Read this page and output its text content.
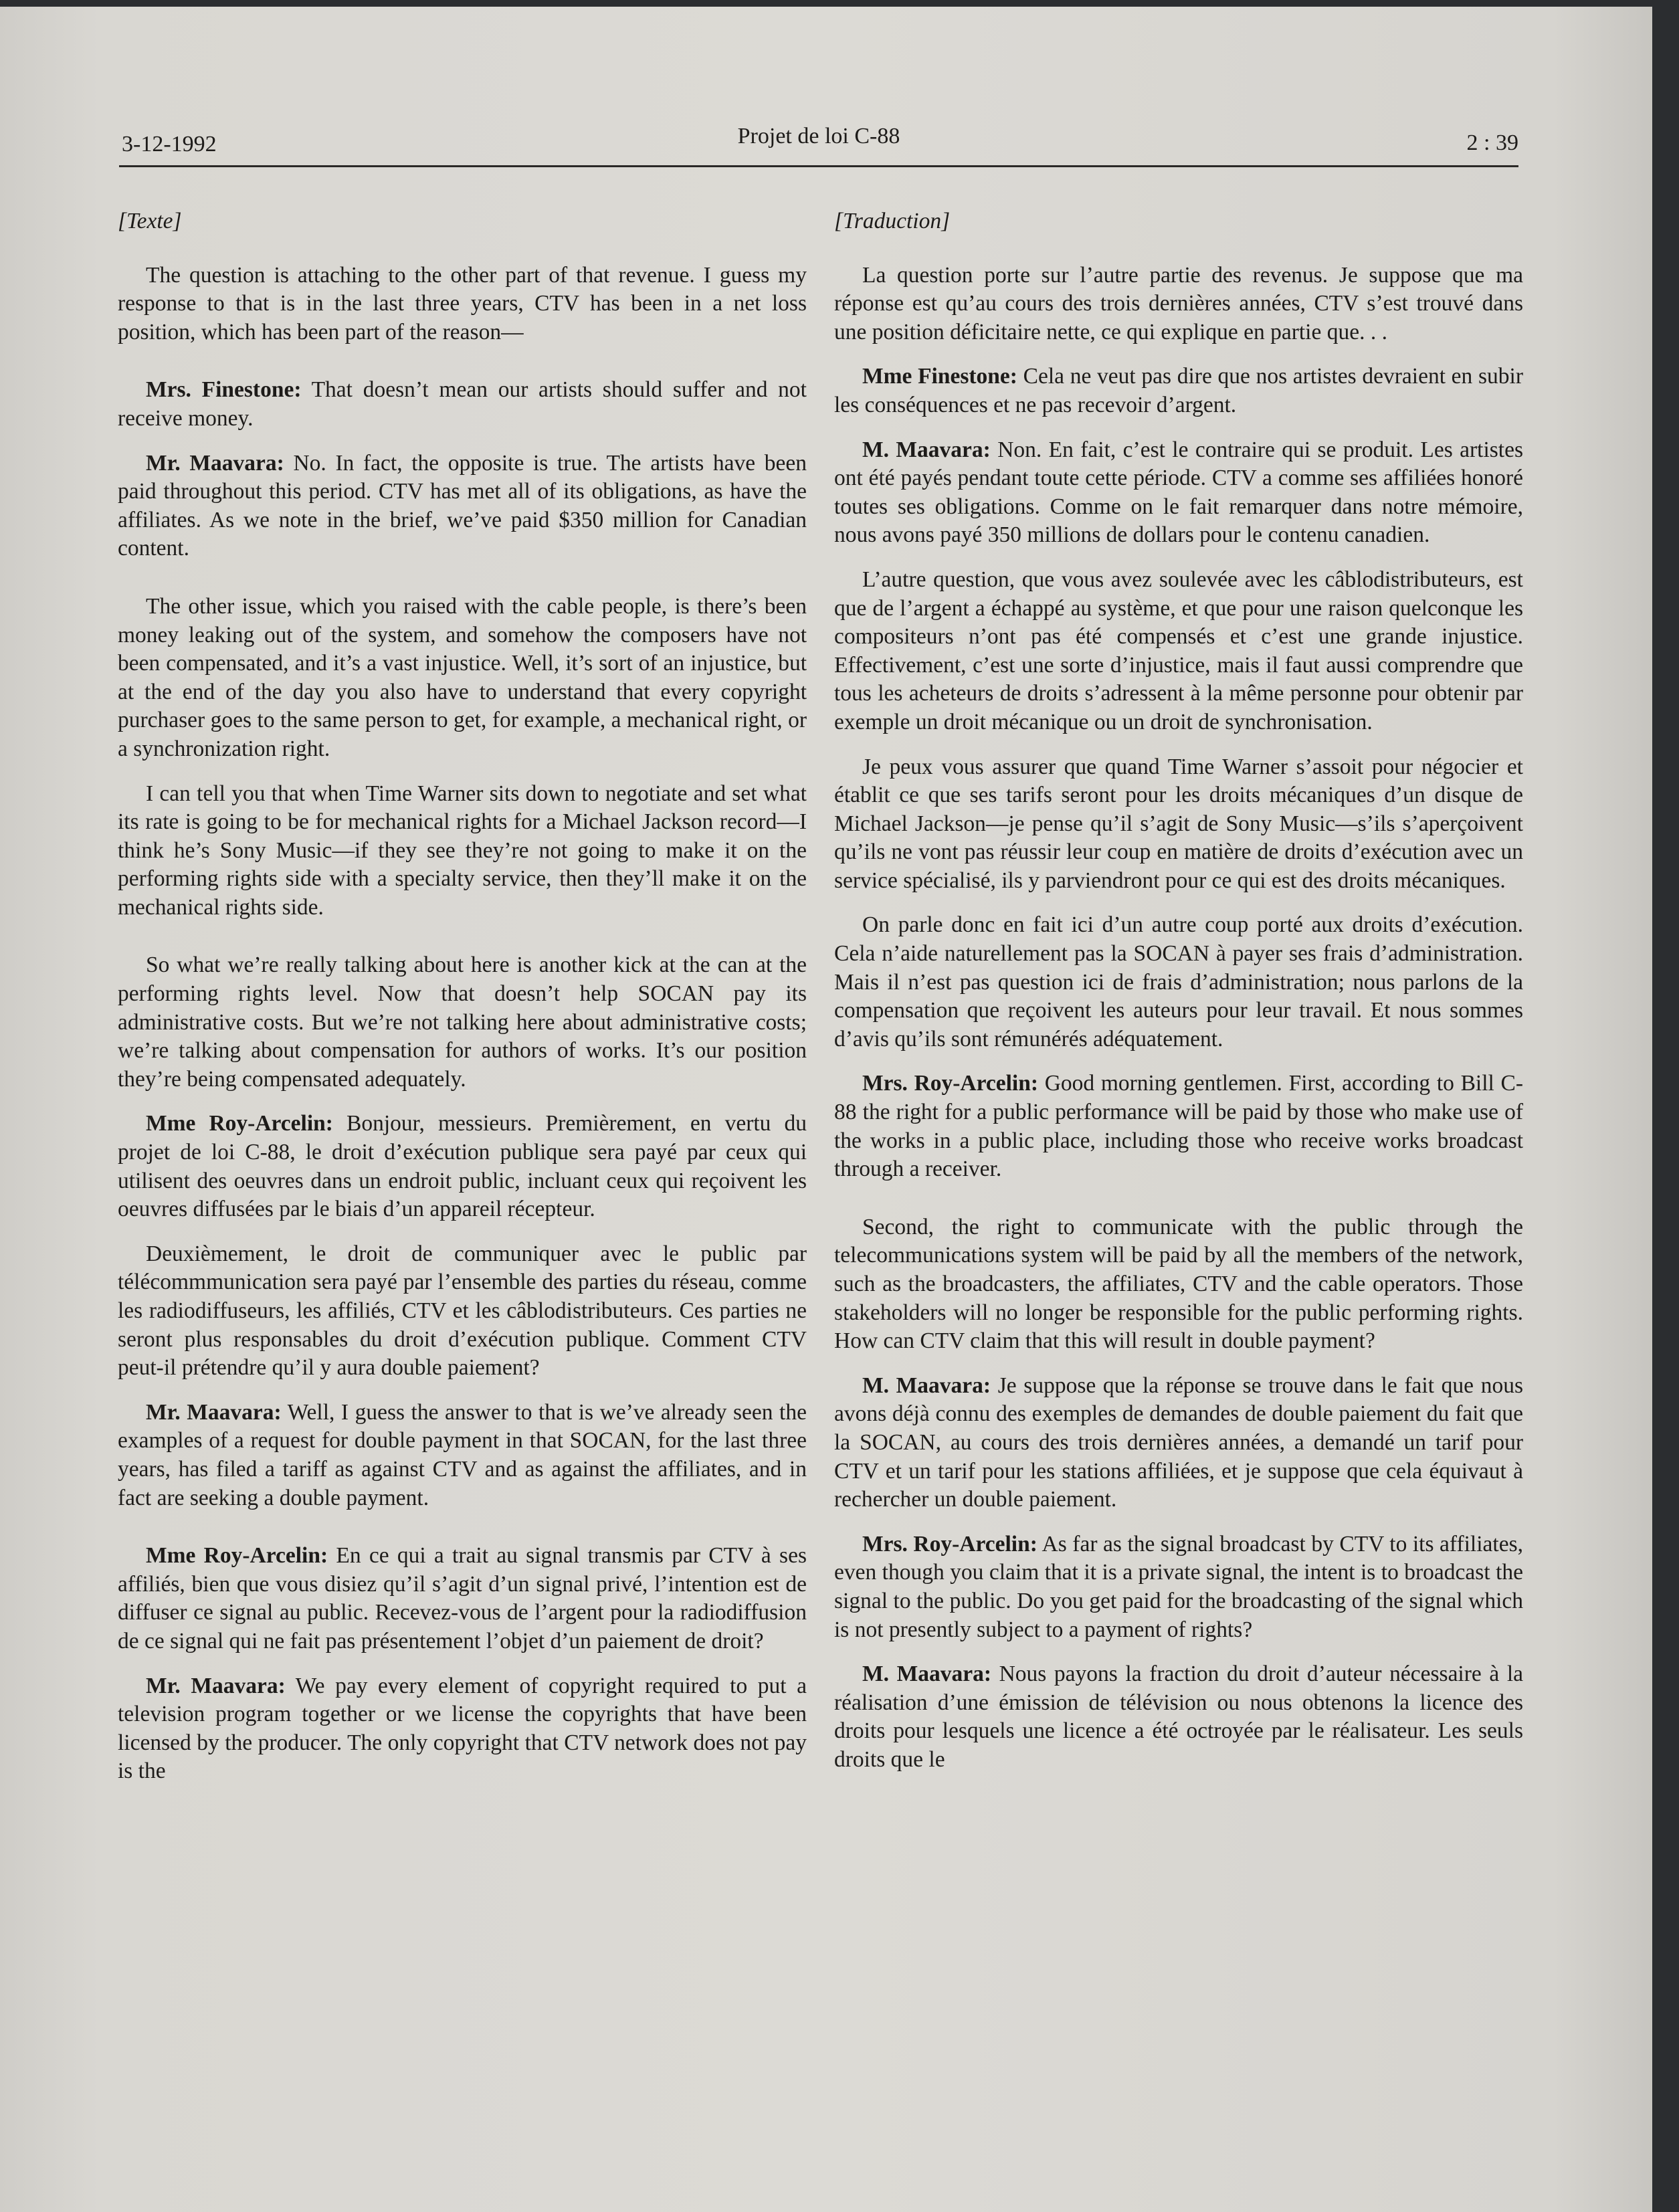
3-12-1992	Projet de loi C-88	2 : 39
[Texte]

The question is attaching to the other part of that revenue. I guess my response to that is in the last three years, CTV has been in a net loss position, which has been part of the reason—

Mrs. Finestone: That doesn’t mean our artists should suffer and not receive money.

Mr. Maavara: No. In fact, the opposite is true. The artists have been paid throughout this period. CTV has met all of its obligations, as have the affiliates. As we note in the brief, we’ve paid $350 million for Canadian content.

The other issue, which you raised with the cable people, is there’s been money leaking out of the system, and somehow the composers have not been compensated, and it’s a vast injustice. Well, it’s sort of an injustice, but at the end of the day you also have to understand that every copyright purchaser goes to the same person to get, for example, a mechanical right, or a synchronization right.

I can tell you that when Time Warner sits down to negotiate and set what its rate is going to be for mechanical rights for a Michael Jackson record—I think he’s Sony Music—if they see they’re not going to make it on the performing rights side with a specialty service, then they’ll make it on the mechanical rights side.

So what we’re really talking about here is another kick at the can at the performing rights level. Now that doesn’t help SOCAN pay its administrative costs. But we’re not talking here about administrative costs; we’re talking about compensation for authors of works. It’s our position they’re being compensated adequately.

Mme Roy-Arcelin: Bonjour, messieurs. Premièrement, en vertu du projet de loi C-88, le droit d’exécution publique sera payé par ceux qui utilisent des oeuvres dans un endroit public, incluant ceux qui reçoivent les oeuvres diffusées par le biais d’un appareil récepteur.

Deuxièmement, le droit de communiquer avec le public par télécommmunication sera payé par l’ensemble des parties du réseau, comme les radiodiffuseurs, les affiliés, CTV et les câblodistributeurs. Ces parties ne seront plus responsables du droit d’exécution publique. Comment CTV peut-il prétendre qu’il y aura double paiement?

Mr. Maavara: Well, I guess the answer to that is we’ve already seen the examples of a request for double payment in that SOCAN, for the last three years, has filed a tariff as against CTV and as against the affiliates, and in fact are seeking a double payment.

Mme Roy-Arcelin: En ce qui a trait au signal transmis par CTV à ses affiliés, bien que vous disiez qu’il s’agit d’un signal privé, l’intention est de diffuser ce signal au public. Recevez-vous de l’argent pour la radiodiffusion de ce signal qui ne fait pas présentement l’objet d’un paiement de droit?

Mr. Maavara: We pay every element of copyright required to put a television program together or we license the copyrights that have been licensed by the producer. The only copyright that CTV network does not pay is the

[Traduction]

La question porte sur l’autre partie des revenus. Je suppose que ma réponse est qu’au cours des trois dernières années, CTV s’est trouvé dans une position déficitaire nette, ce qui explique en partie que. . .

Mme Finestone: Cela ne veut pas dire que nos artistes devraient en subir les conséquences et ne pas recevoir d’argent.

M. Maavara: Non. En fait, c’est le contraire qui se produit. Les artistes ont été payés pendant toute cette période. CTV a comme ses affiliées honoré toutes ses obligations. Comme on le fait remarquer dans notre mémoire, nous avons payé 350 millions de dollars pour le contenu canadien.

L’autre question, que vous avez soulevée avec les câblodistributeurs, est que de l’argent a échappé au système, et que pour une raison quelconque les compositeurs n’ont pas été compensés et c’est une grande injustice. Effectivement, c’est une sorte d’injustice, mais il faut aussi comprendre que tous les acheteurs de droits s’adressent à la même personne pour obtenir par exemple un droit mécanique ou un droit de synchronisation.

Je peux vous assurer que quand Time Warner s’assoit pour négocier et établit ce que ses tarifs seront pour les droits mécaniques d’un disque de Michael Jackson—je pense qu’il s’agit de Sony Music—s’ils s’aperçoivent qu’ils ne vont pas réussir leur coup en matière de droits d’exécution avec un service spécialisé, ils y parviendront pour ce qui est des droits mécaniques.

On parle donc en fait ici d’un autre coup porté aux droits d’exécution. Cela n’aide naturellement pas la SOCAN à payer ses frais d’administration. Mais il n’est pas question ici de frais d’administration; nous parlons de la compensation que reçoivent les auteurs pour leur travail. Et nous sommes d’avis qu’ils sont rémunérés adéquatement.

Mrs. Roy-Arcelin: Good morning gentlemen. First, according to Bill C-88 the right for a public performance will be paid by those who make use of the works in a public place, including those who receive works broadcast through a receiver.

Second, the right to communicate with the public through the telecommunications system will be paid by all the members of the network, such as the broadcasters, the affiliates, CTV and the cable operators. Those stakeholders will no longer be responsible for the public performing rights. How can CTV claim that this will result in double payment?

M. Maavara: Je suppose que la réponse se trouve dans le fait que nous avons déjà connu des exemples de demandes de double paiement du fait que la SOCAN, au cours des trois dernières années, a demandé un tarif pour CTV et un tarif pour les stations affiliées, et je suppose que cela équivaut à rechercher un double paiement.

Mrs. Roy-Arcelin: As far as the signal broadcast by CTV to its affiliates, even though you claim that it is a private signal, the intent is to broadcast the signal to the public. Do you get paid for the broadcasting of the signal which is not presently subject to a payment of rights?

M. Maavara: Nous payons la fraction du droit d’auteur nécessaire à la réalisation d’une émission de télévision ou nous obtenons la licence des droits pour lesquels une licence a été octroyée par le réalisateur. Les seuls droits que le
